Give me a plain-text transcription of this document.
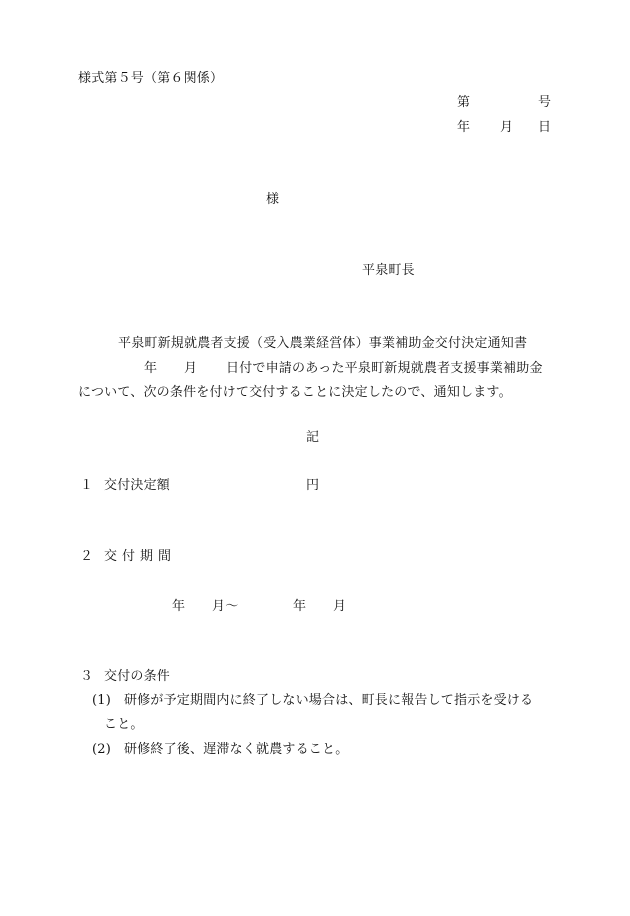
様式第５号（第６関係）
第	号
年 月 日
様
平泉町長
平泉町新規就農者支援（受入農業経営体）事業補助金交付決定通知書
年 月 日付で申請のあった平泉町新規就農者支援事業補助金
について、次の条件を付けて交付することに決定したので、通知します。
記
１ 交付決定額	円
２ 交付期間
年 月〜	年 月
３ 交付の条件
(1) 研修が予定期間内に終了しない場合は、町長に報告して指示を受ける
こと。
(2) 研修終了後、遅滞なく就農すること。
